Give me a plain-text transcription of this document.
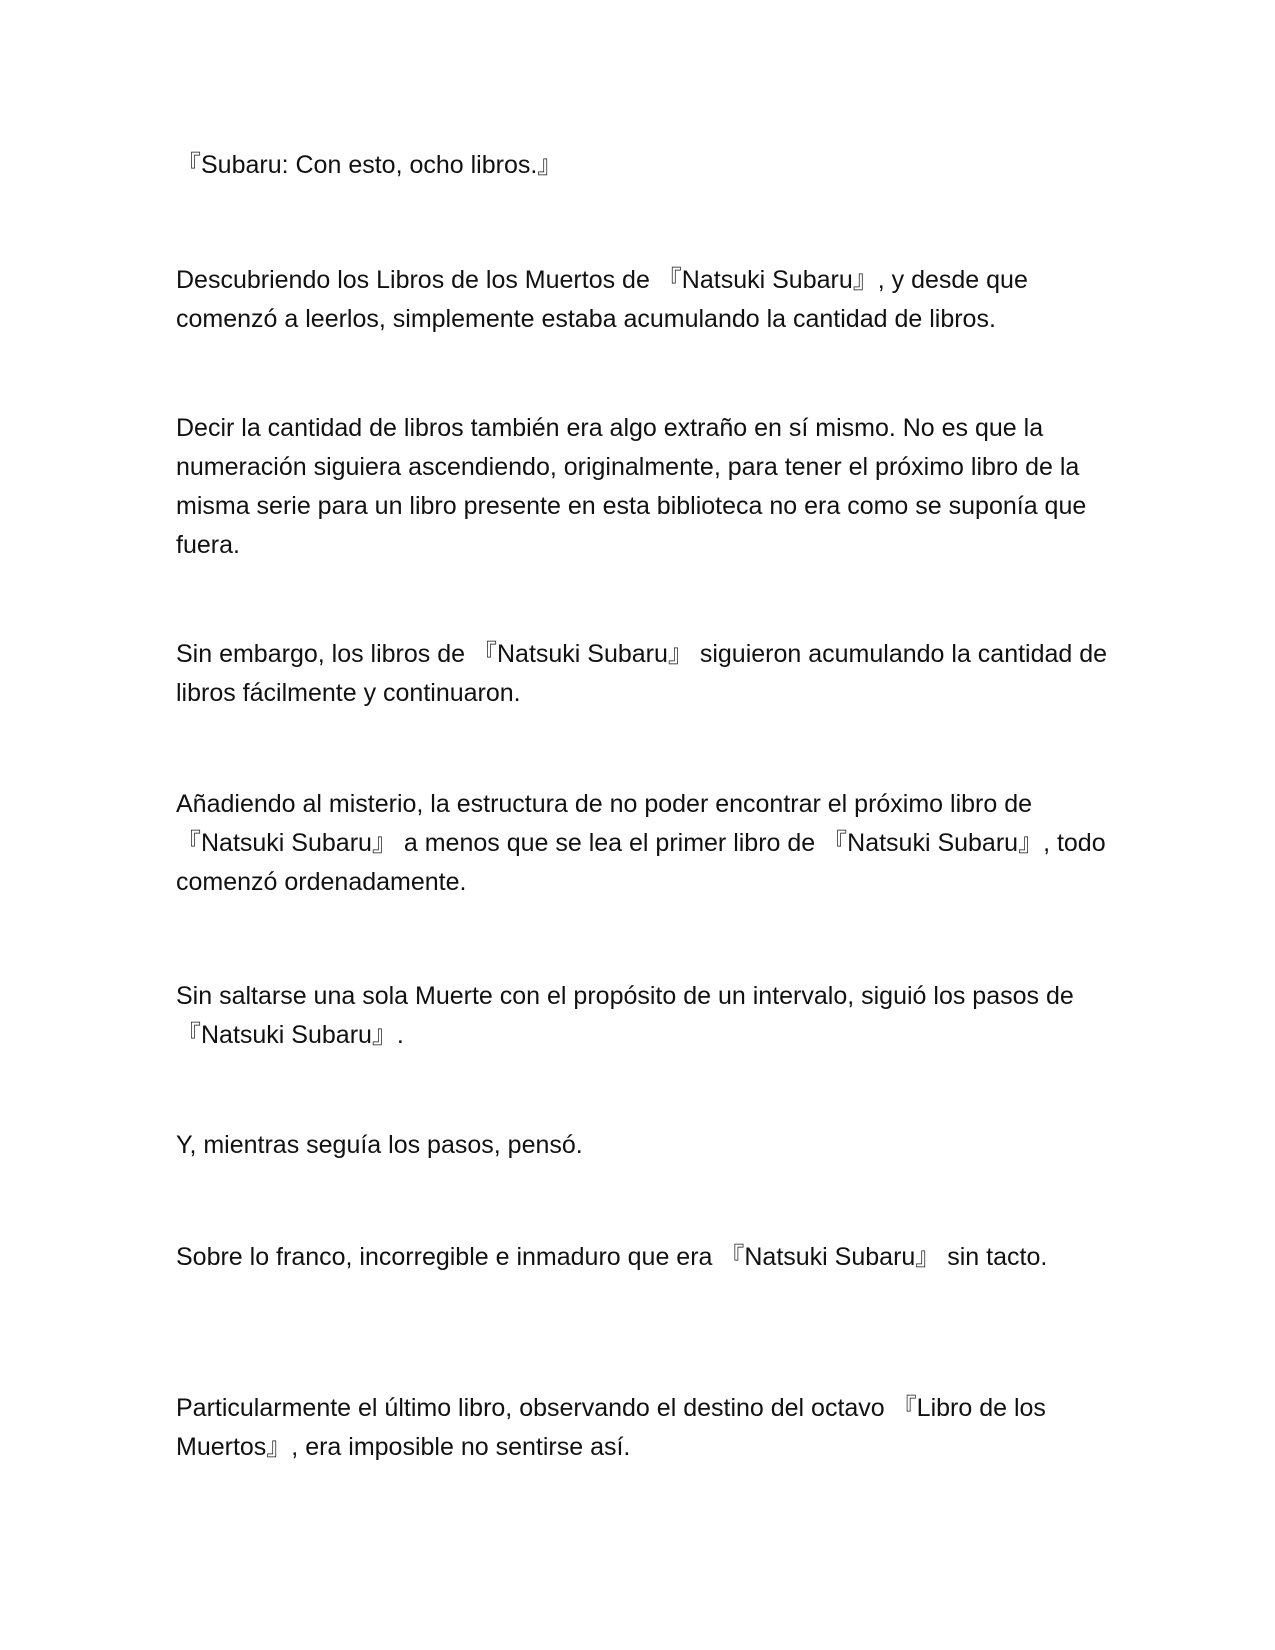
『Subaru: Con esto, ocho libros.』

Descubriendo los Libros de los Muertos de 『Natsuki Subaru』, y desde que comenzó a leerlos, simplemente estaba acumulando la cantidad de libros.

Decir la cantidad de libros también era algo extraño en sí mismo. No es que la numeración siguiera ascendiendo, originalmente, para tener el próximo libro de la misma serie para un libro presente en esta biblioteca no era como se suponía que fuera.

Sin embargo, los libros de 『Natsuki Subaru』 siguieron acumulando la cantidad de libros fácilmente y continuaron.

Añadiendo al misterio, la estructura de no poder encontrar el próximo libro de 『Natsuki Subaru』 a menos que se lea el primer libro de 『Natsuki Subaru』, todo comenzó ordenadamente.

Sin saltarse una sola Muerte con el propósito de un intervalo, siguió los pasos de 『Natsuki Subaru』.

Y, mientras seguía los pasos, pensó.

Sobre lo franco, incorregible e inmaduro que era 『Natsuki Subaru』 sin tacto.

Particularmente el último libro, observando el destino del octavo 『Libro de los Muertos』, era imposible no sentirse así.
